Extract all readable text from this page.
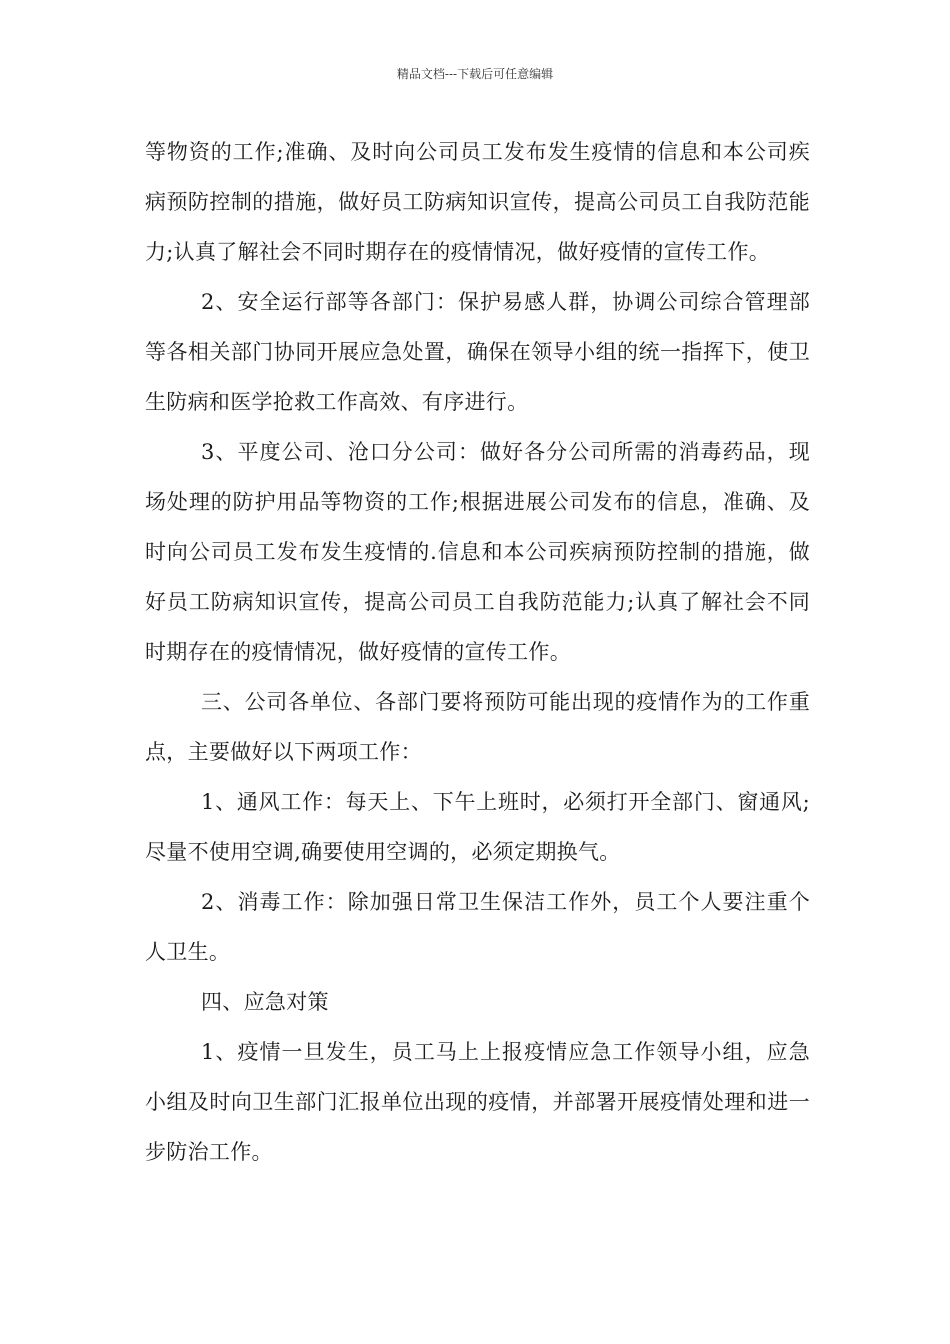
精品文档---下载后可任意编辑

等物资的工作;准确、及时向公司员工发布发生疫情的信息和本公司疾病预防控制的措施，做好员工防病知识宣传，提高公司员工自我防范能力;认真了解社会不同时期存在的疫情情况，做好疫情的宣传工作。

2、安全运行部等各部门：保护易感人群，协调公司综合管理部等各相关部门协同开展应急处置，确保在领导小组的统一指挥下，使卫生防病和医学抢救工作高效、有序进行。

3、平度公司、沧口分公司：做好各分公司所需的消毒药品，现场处理的防护用品等物资的工作;根据进展公司发布的信息，准确、及时向公司员工发布发生疫情的.信息和本公司疾病预防控制的措施，做好员工防病知识宣传，提高公司员工自我防范能力;认真了解社会不同时期存在的疫情情况，做好疫情的宣传工作。

三、公司各单位、各部门要将预防可能出现的疫情作为的工作重点，主要做好以下两项工作：

1、通风工作：每天上、下午上班时，必须打开全部门、窗通风;尽量不使用空调,确要使用空调的，必须定期换气。

2、消毒工作：除加强日常卫生保洁工作外，员工个人要注重个人卫生。

四、应急对策

1、疫情一旦发生，员工马上上报疫情应急工作领导小组，应急小组及时向卫生部门汇报单位出现的疫情，并部署开展疫情处理和进一步防治工作。
